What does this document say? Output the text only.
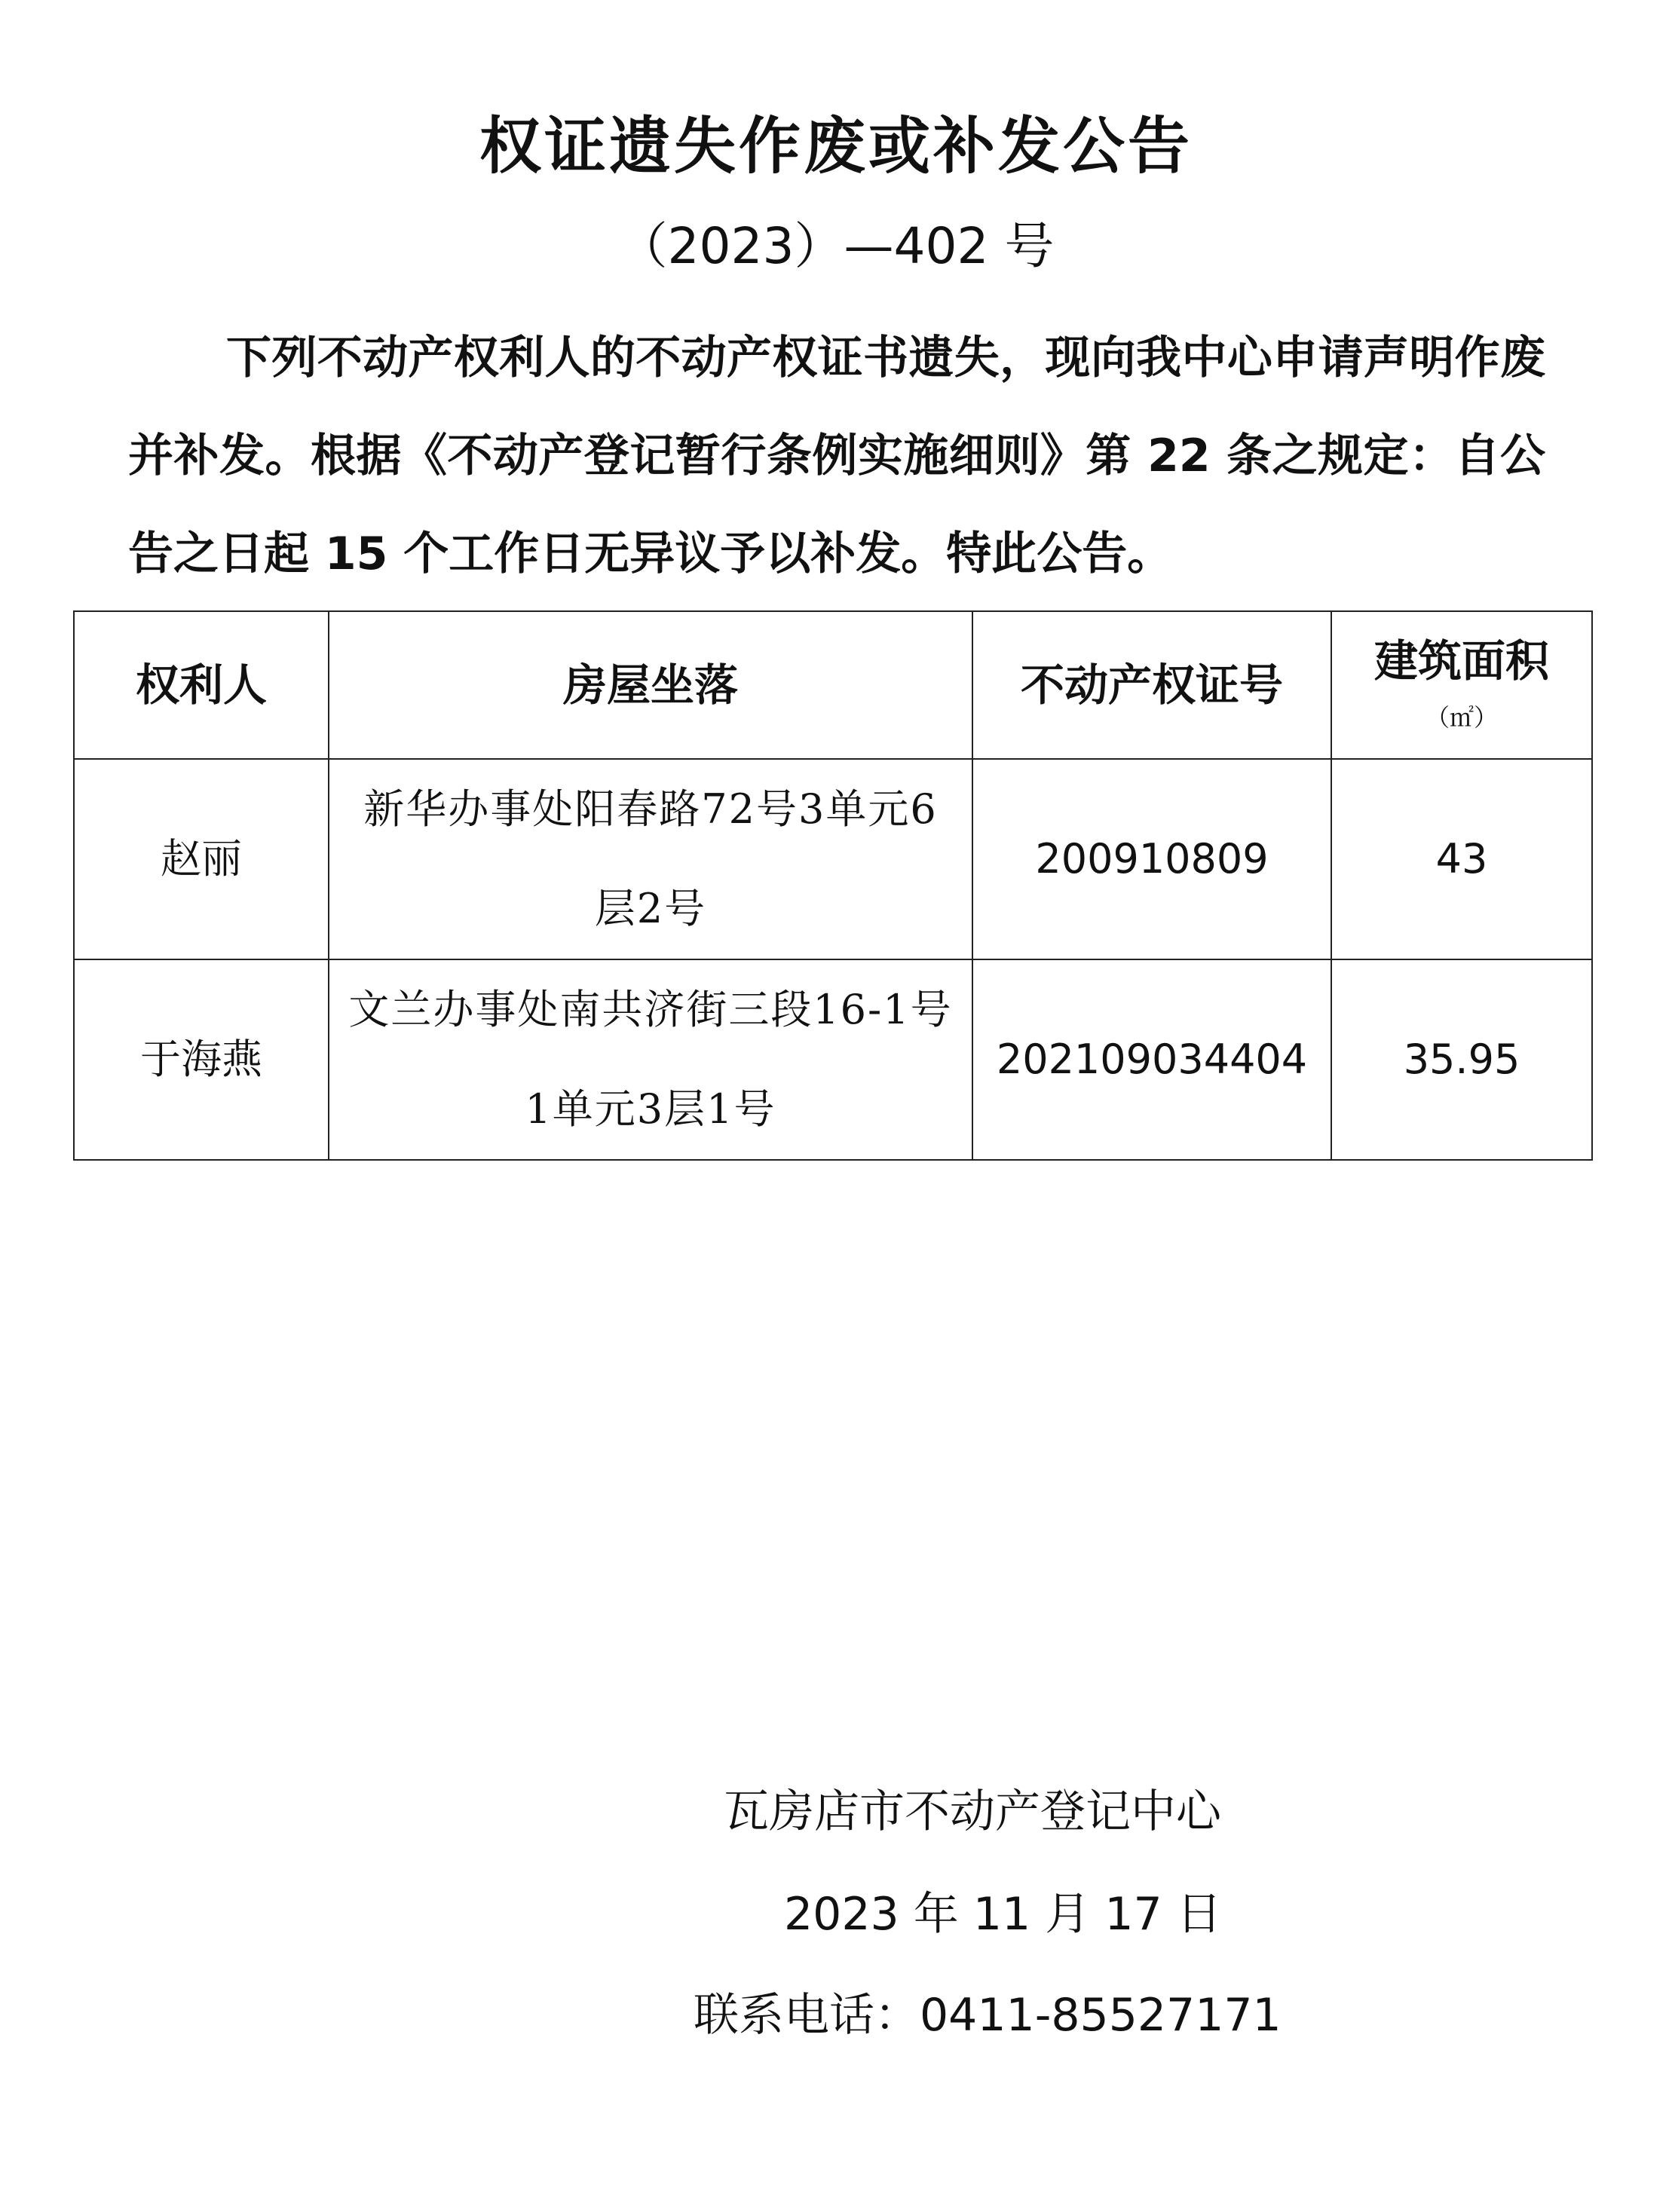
权证遗失作废或补发公告
（2023）—402 号

下列不动产权利人的不动产权证书遗失，现向我中心申请声明作废并补发。根据《不动产登记暂行条例实施细则》第 22 条之规定：自公告之日起 15 个工作日无异议予以补发。特此公告。

权利人	房屋坐落	不动产权证号	建筑面积
（㎡）

赵丽	新华办事处阳春路72号3单元6层2号	200910809	43
于海燕	文兰办事处南共济街三段16-1号1单元3层1号	202109034404	35.95
瓦房店市不动产登记中心
2023 年 11 月 17 日
联系电话：0411-85527171
